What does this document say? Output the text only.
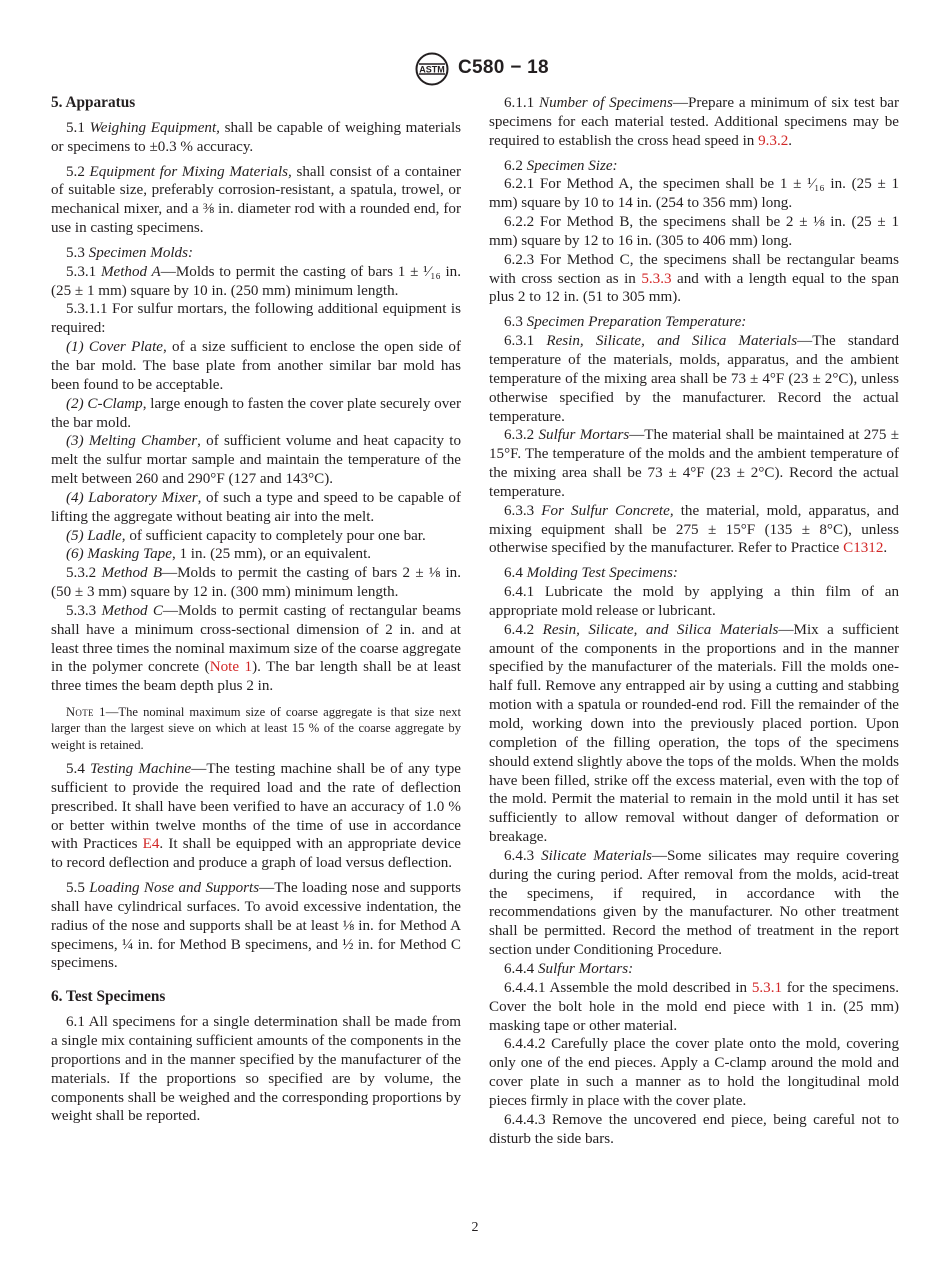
ASTM C580 − 18
5. Apparatus
5.1 Weighing Equipment, shall be capable of weighing materials or specimens to ±0.3 % accuracy.
5.2 Equipment for Mixing Materials, shall consist of a container of suitable size, preferably corrosion-resistant, a spatula, trowel, or mechanical mixer, and a ⅜ in. diameter rod with a rounded end, for use in casting specimens.
5.3 Specimen Molds:
5.3.1 Method A—Molds to permit the casting of bars 1 ± ¹⁄₁₆ in. (25 ± 1 mm) square by 10 in. (250 mm) minimum length.
5.3.1.1 For sulfur mortars, the following additional equipment is required:
(1) Cover Plate, of a size sufficient to enclose the open side of the bar mold. The base plate from another similar bar mold has been found to be acceptable.
(2) C-Clamp, large enough to fasten the cover plate securely over the bar mold.
(3) Melting Chamber, of sufficient volume and heat capacity to melt the sulfur mortar sample and maintain the temperature of the melt between 260 and 290°F (127 and 143°C).
(4) Laboratory Mixer, of such a type and speed to be capable of lifting the aggregate without beating air into the melt.
(5) Ladle, of sufficient capacity to completely pour one bar.
(6) Masking Tape, 1 in. (25 mm), or an equivalent.
5.3.2 Method B—Molds to permit the casting of bars 2 ± ⅛ in. (50 ± 3 mm) square by 12 in. (300 mm) minimum length.
5.3.3 Method C—Molds to permit casting of rectangular beams shall have a minimum cross-sectional dimension of 2 in. and at least three times the nominal maximum size of the coarse aggregate in the polymer concrete (Note 1). The bar length shall be at least three times the beam depth plus 2 in.
Note 1—The nominal maximum size of coarse aggregate is that size next larger than the largest sieve on which at least 15 % of the coarse aggregate by weight is retained.
5.4 Testing Machine—The testing machine shall be of any type sufficient to provide the required load and the rate of deflection prescribed. It shall have been verified to have an accuracy of 1.0 % or better within twelve months of the time of use in accordance with Practices E4. It shall be equipped with an appropriate device to record deflection and produce a graph of load versus deflection.
5.5 Loading Nose and Supports—The loading nose and supports shall have cylindrical surfaces. To avoid excessive indentation, the radius of the nose and supports shall be at least ⅛ in. for Method A specimens, ¼ in. for Method B specimens, and ½ in. for Method C specimens.
6. Test Specimens
6.1 All specimens for a single determination shall be made from a single mix containing sufficient amounts of the components in the proportions and in the manner specified by the manufacturer of the materials. If the proportions so specified are by volume, the components shall be weighed and the corresponding proportions by weight shall be reported.
6.1.1 Number of Specimens—Prepare a minimum of six test bar specimens for each material tested. Additional specimens may be required to establish the cross head speed in 9.3.2.
6.2 Specimen Size:
6.2.1 For Method A, the specimen shall be 1 ± ¹⁄₁₆ in. (25 ± 1 mm) square by 10 to 14 in. (254 to 356 mm) long.
6.2.2 For Method B, the specimens shall be 2 ± ⅛ in. (25 ± 1 mm) square by 12 to 16 in. (305 to 406 mm) long.
6.2.3 For Method C, the specimens shall be rectangular beams with cross section as in 5.3.3 and with a length equal to the span plus 2 to 12 in. (51 to 305 mm).
6.3 Specimen Preparation Temperature:
6.3.1 Resin, Silicate, and Silica Materials—The standard temperature of the materials, molds, apparatus, and the ambient temperature of the mixing area shall be 73 ± 4°F (23 ± 2°C), unless otherwise specified by the manufacturer. Record the actual temperature.
6.3.2 Sulfur Mortars—The material shall be maintained at 275 ± 15°F. The temperature of the molds and the ambient temperature of the mixing area shall be 73 ± 4°F (23 ± 2°C). Record the actual temperature.
6.3.3 For Sulfur Concrete, the material, mold, apparatus, and mixing equipment shall be 275 ± 15°F (135 ± 8°C), unless otherwise specified by the manufacturer. Refer to Practice C1312.
6.4 Molding Test Specimens:
6.4.1 Lubricate the mold by applying a thin film of an appropriate mold release or lubricant.
6.4.2 Resin, Silicate, and Silica Materials—Mix a sufficient amount of the components in the proportions and in the manner specified by the manufacturer of the materials. Fill the molds one-half full. Remove any entrapped air by using a cutting and stabbing motion with a spatula or rounded-end rod. Fill the remainder of the mold, working down into the previously placed portion. Upon completion of the filling operation, the tops of the specimens should extend slightly above the tops of the molds. When the molds have been filled, strike off the excess material, even with the top of the mold. Permit the material to remain in the mold until it has set sufficiently to allow removal without danger of deformation or breakage.
6.4.3 Silicate Materials—Some silicates may require covering during the curing period. After removal from the molds, acid-treat the specimens, if required, in accordance with the recommendations given by the manufacturer. No other treatment shall be permitted. Record the method of treatment in the report section under Conditioning Procedure.
6.4.4 Sulfur Mortars:
6.4.4.1 Assemble the mold described in 5.3.1 for the specimens. Cover the bolt hole in the mold end piece with 1 in. (25 mm) masking tape or other material.
6.4.4.2 Carefully place the cover plate onto the mold, covering only one of the end pieces. Apply a C-clamp around the mold and cover plate in such a manner as to hold the longitudinal mold pieces firmly in place with the cover plate.
6.4.4.3 Remove the uncovered end piece, being careful not to disturb the side bars.
2
